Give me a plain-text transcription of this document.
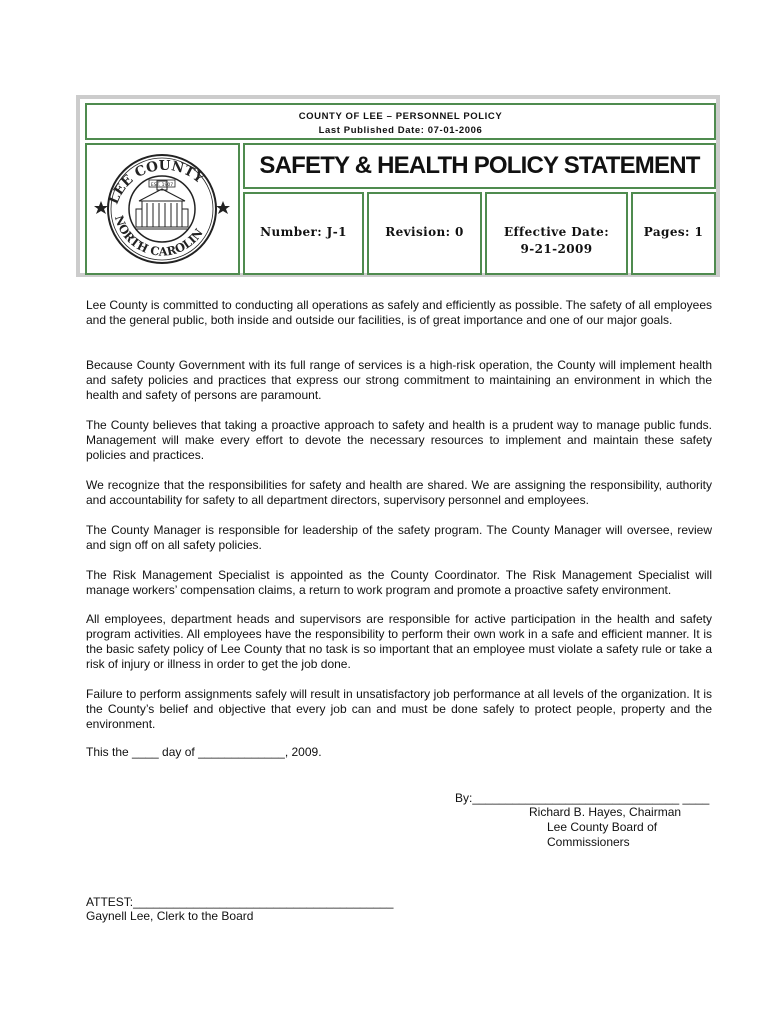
COUNTY OF LEE – PERSONNEL POLICY
Last Published Date: 07-01-2006
LEE COUNTY
NORTH CAROLIN
EST. 1907
SAFETY & HEALTH POLICY STATEMENT
Number: J-1	Revision: 0	Effective Date:
9-21-2009
Pages: 1

Lee County is committed to conducting all operations as safely and efficiently as possible. The safety of all employees and the general public, both inside and outside our facilities, is of great importance and one of our major goals.

Because County Government with its full range of services is a high-risk operation, the County will implement health and safety policies and practices that express our strong commitment to maintaining an environment in which the health and safety of persons are paramount.

The County believes that taking a proactive approach to safety and health is a prudent way to manage public funds. Management will make every effort to devote the necessary resources to implement and maintain these safety policies and practices.

We recognize that the responsibilities for safety and health are shared. We are assigning the responsibility, authority and accountability for safety to all department directors, supervisory personnel and employees.

The County Manager is responsible for leadership of the safety program. The County Manager will oversee, review and sign off on all safety policies.

The Risk Management Specialist is appointed as the County Coordinator. The Risk Management Specialist will manage workers’ compensation claims, a return to work program and promote a proactive safety environment.

All employees, department heads and supervisors are responsible for active participation in the health and safety program activities. All employees have the responsibility to perform their own work in a safe and efficient manner. It is the basic safety policy of Lee County that no task is so important that an employee must violate a safety rule or take a risk of injury or illness in order to get the job done.

Failure to perform assignments safely will result in unsatisfactory job performance at all levels of the organization. It is the County’s belief and objective that every job can and must be done safely to protect people, property and the environment.

This the ____ day of _____________, 2009.

By:_______________________________ ____

Richard B. Hayes, Chairman

Lee County Board of

Commissioners

ATTEST:_______________________________________

Gaynell Lee, Clerk to the Board
